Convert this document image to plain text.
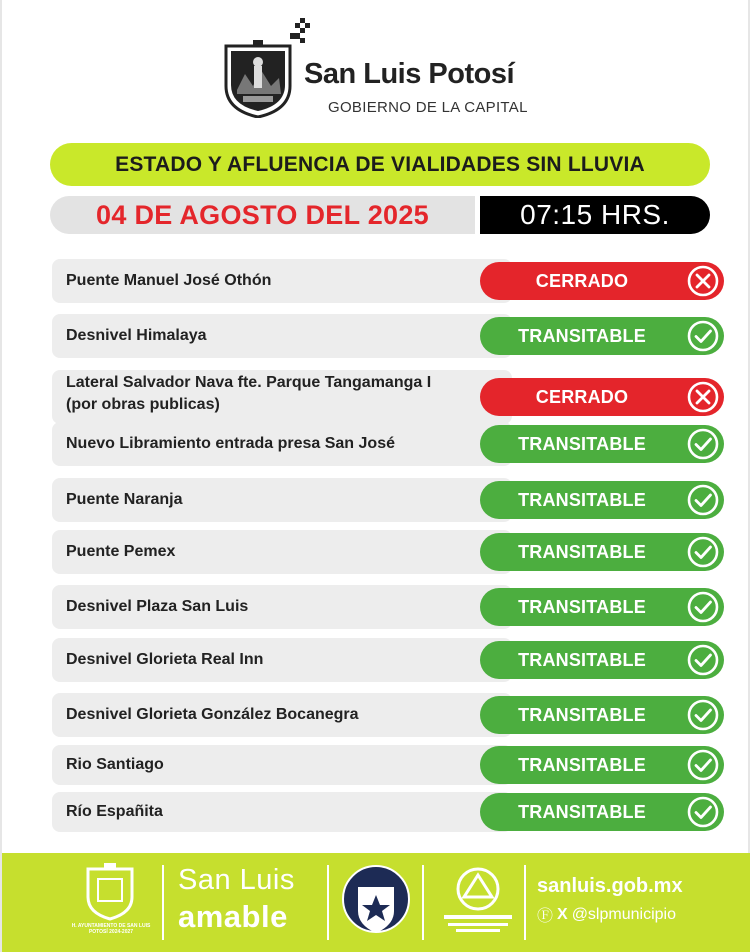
San Luis Potosí
GOBIERNO DE LA CAPITAL
ESTADO Y AFLUENCIA DE VIALIDADES SIN LLUVIA
04 DE AGOSTO DEL 2025	07:15 HRS.
Puente Manuel José Othón	CERRADO
Desnivel Himalaya	TRANSITABLE
Lateral Salvador Nava fte. Parque Tangamanga I
(por obras publicas)	CERRADO
Nuevo Libramiento entrada presa San José	TRANSITABLE
Puente Naranja	TRANSITABLE
Puente Pemex	TRANSITABLE
Desnivel Plaza San Luis	TRANSITABLE
Desnivel Glorieta Real Inn	TRANSITABLE
Desnivel Glorieta González Bocanegra	TRANSITABLE
Rio Santiago	TRANSITABLE
Río Españita	TRANSITABLE
H. AYUNTAMIENTO DE SAN LUIS POTOSÍ 2024-2027
San Luis
amable
sanluis.gob.mx
Ⓕ X @slpmunicipio
